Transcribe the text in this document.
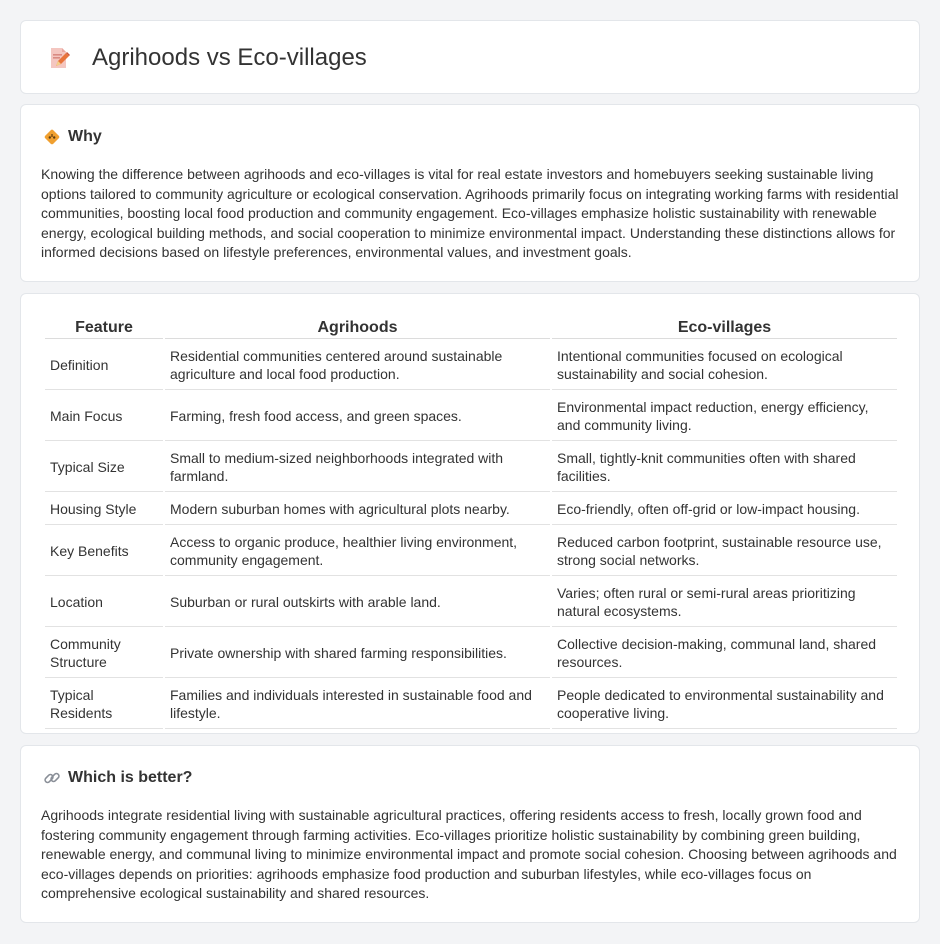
Agrihoods vs Eco-villages
Why

Knowing the difference between agrihoods and eco-villages is vital for real estate investors and homebuyers seeking sustainable living options tailored to community agriculture or ecological conservation. Agrihoods primarily focus on integrating working farms with residential communities, boosting local food production and community engagement. Eco-villages emphasize holistic sustainability with renewable energy, ecological building methods, and social cooperation to minimize environmental impact. Understanding these distinctions allows for informed decisions based on lifestyle preferences, environmental values, and investment goals.

Feature	Agrihoods	Eco-villages
Definition	Residential communities centered around sustainable agriculture and local food production.	Intentional communities focused on ecological sustainability and social cohesion.
Main Focus	Farming, fresh food access, and green spaces.	Environmental impact reduction, energy efficiency, and community living.
Typical Size	Small to medium-sized neighborhoods integrated with farmland.	Small, tightly-knit communities often with shared facilities.
Housing Style	Modern suburban homes with agricultural plots nearby.	Eco-friendly, often off-grid or low-impact housing.
Key Benefits	Access to organic produce, healthier living environment, community engagement.	Reduced carbon footprint, sustainable resource use, strong social networks.
Location	Suburban or rural outskirts with arable land.	Varies; often rural or semi-rural areas prioritizing natural ecosystems.
Community Structure	Private ownership with shared farming responsibilities.	Collective decision-making, communal land, shared resources.
Typical Residents	Families and individuals interested in sustainable food and lifestyle.	People dedicated to environmental sustainability and cooperative living.
Which is better?

Agrihoods integrate residential living with sustainable agricultural practices, offering residents access to fresh, locally grown food and fostering community engagement through farming activities. Eco-villages prioritize holistic sustainability by combining green building, renewable energy, and communal living to minimize environmental impact and promote social cohesion. Choosing between agrihoods and eco-villages depends on priorities: agrihoods emphasize food production and suburban lifestyles, while eco-villages focus on comprehensive ecological sustainability and shared resources.
